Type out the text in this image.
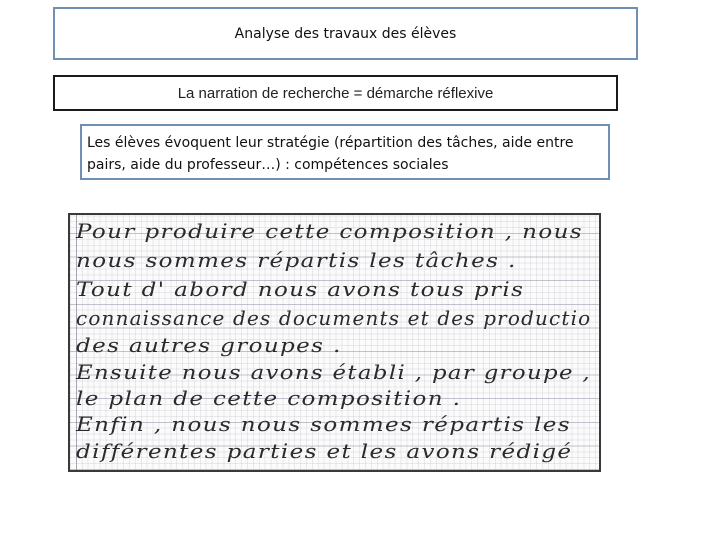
Analyse des travaux des élèves
La narration de recherche = démarche réflexive
Les élèves évoquent leur stratégie (répartition des tâches, aide entre pairs, aide du professeur…) : compétences sociales
Pour produire cette composition , nous
nous sommes répartis les tâches .
Tout d' abord nous avons tous pris
connaissance des documents et des productio
des autres groupes .
Ensuite nous avons établi , par groupe ,
le plan de cette composition .
Enfin , nous nous sommes répartis les
différentes parties et les avons rédigé
